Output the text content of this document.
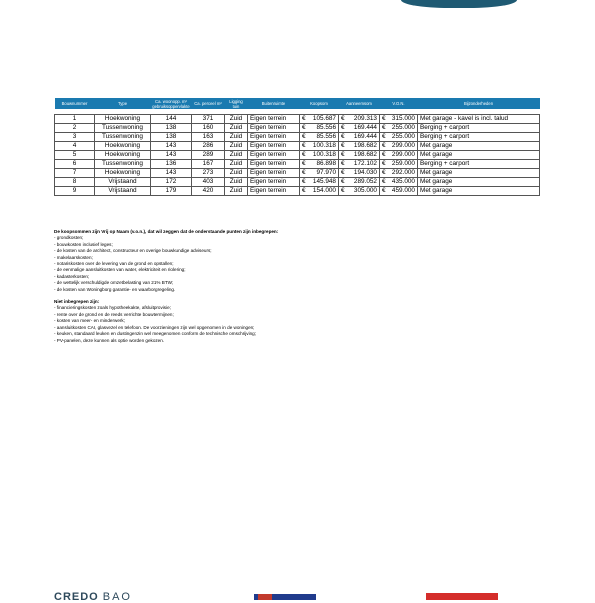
Bouwnummer	Type	Ca. woonopp. m² gebruiksoppervlakte	Ca. perceel m²	Ligging tuin	Buitenruimte	Koopsom	Aanneemsom	V.O.N.	Bijzonderheden

1	Hoekwoning	144	371	Zuid	Eigen terrein	€ 105.687	€ 209.313	€ 315.000	Met garage - kavel is incl. talud
2	Tussenwoning	138	160	Zuid	Eigen terrein	€ 85.556	€ 169.444	€ 255.000	Berging + carport
3	Tussenwoning	138	163	Zuid	Eigen terrein	€ 85.556	€ 169.444	€ 255.000	Berging + carport
4	Hoekwoning	143	286	Zuid	Eigen terrein	€ 100.318	€ 198.682	€ 299.000	Met garage
5	Hoekwoning	143	289	Zuid	Eigen terrein	€ 100.318	€ 198.682	€ 299.000	Met garage
6	Tussenwoning	136	167	Zuid	Eigen terrein	€ 86.898	€ 172.102	€ 259.000	Berging + carport
7	Hoekwoning	143	273	Zuid	Eigen terrein	€ 97.970	€ 194.030	€ 292.000	Met garage
8	Vrijstaand	172	403	Zuid	Eigen terrein	€ 145.948	€ 289.052	€ 435.000	Met garage
9	Vrijstaand	179	420	Zuid	Eigen terrein	€ 154.000	€ 305.000	€ 459.000	Met garage
De koopsommen zijn Vrij op Naam (v.o.n.), dat wil zeggen dat de onderstaande punten zijn inbegrepen:
- grondkosten;
- bouwkosten inclusief leges;
- de kosten van de architect, constructeur en overige bouwkundige adviseurs;
- makelaarskosten;
- notariskosten over de levering van de grond en opstallen;
- de eenmalige aansluitkosten van water, elektriciteit en riolering;
- kadasterkosten;
- de wettelijk verschuldigde omzetbelasting van 21% BTW;
- de kosten van Woningborg garantie- en waarborgregeling.
Niet inbegrepen zijn:
- financieringskosten zoals hypotheekakte, afsluitprovisie;
- rente over de grond en de reeds verrichte bouwtermijnen;
- kosten van meer- en minderwerk;
- aansluitkosten CAI, glasvezel en telefoon. De voorzieningen zijn wel opgenomen in de woningen;
- keuken, standaard leuken en dustingenzin wel meegenomen conform de technische omschrijving;
- PV-panelen, deze kunnen als optie worden gekozen.
CREDO BAO
